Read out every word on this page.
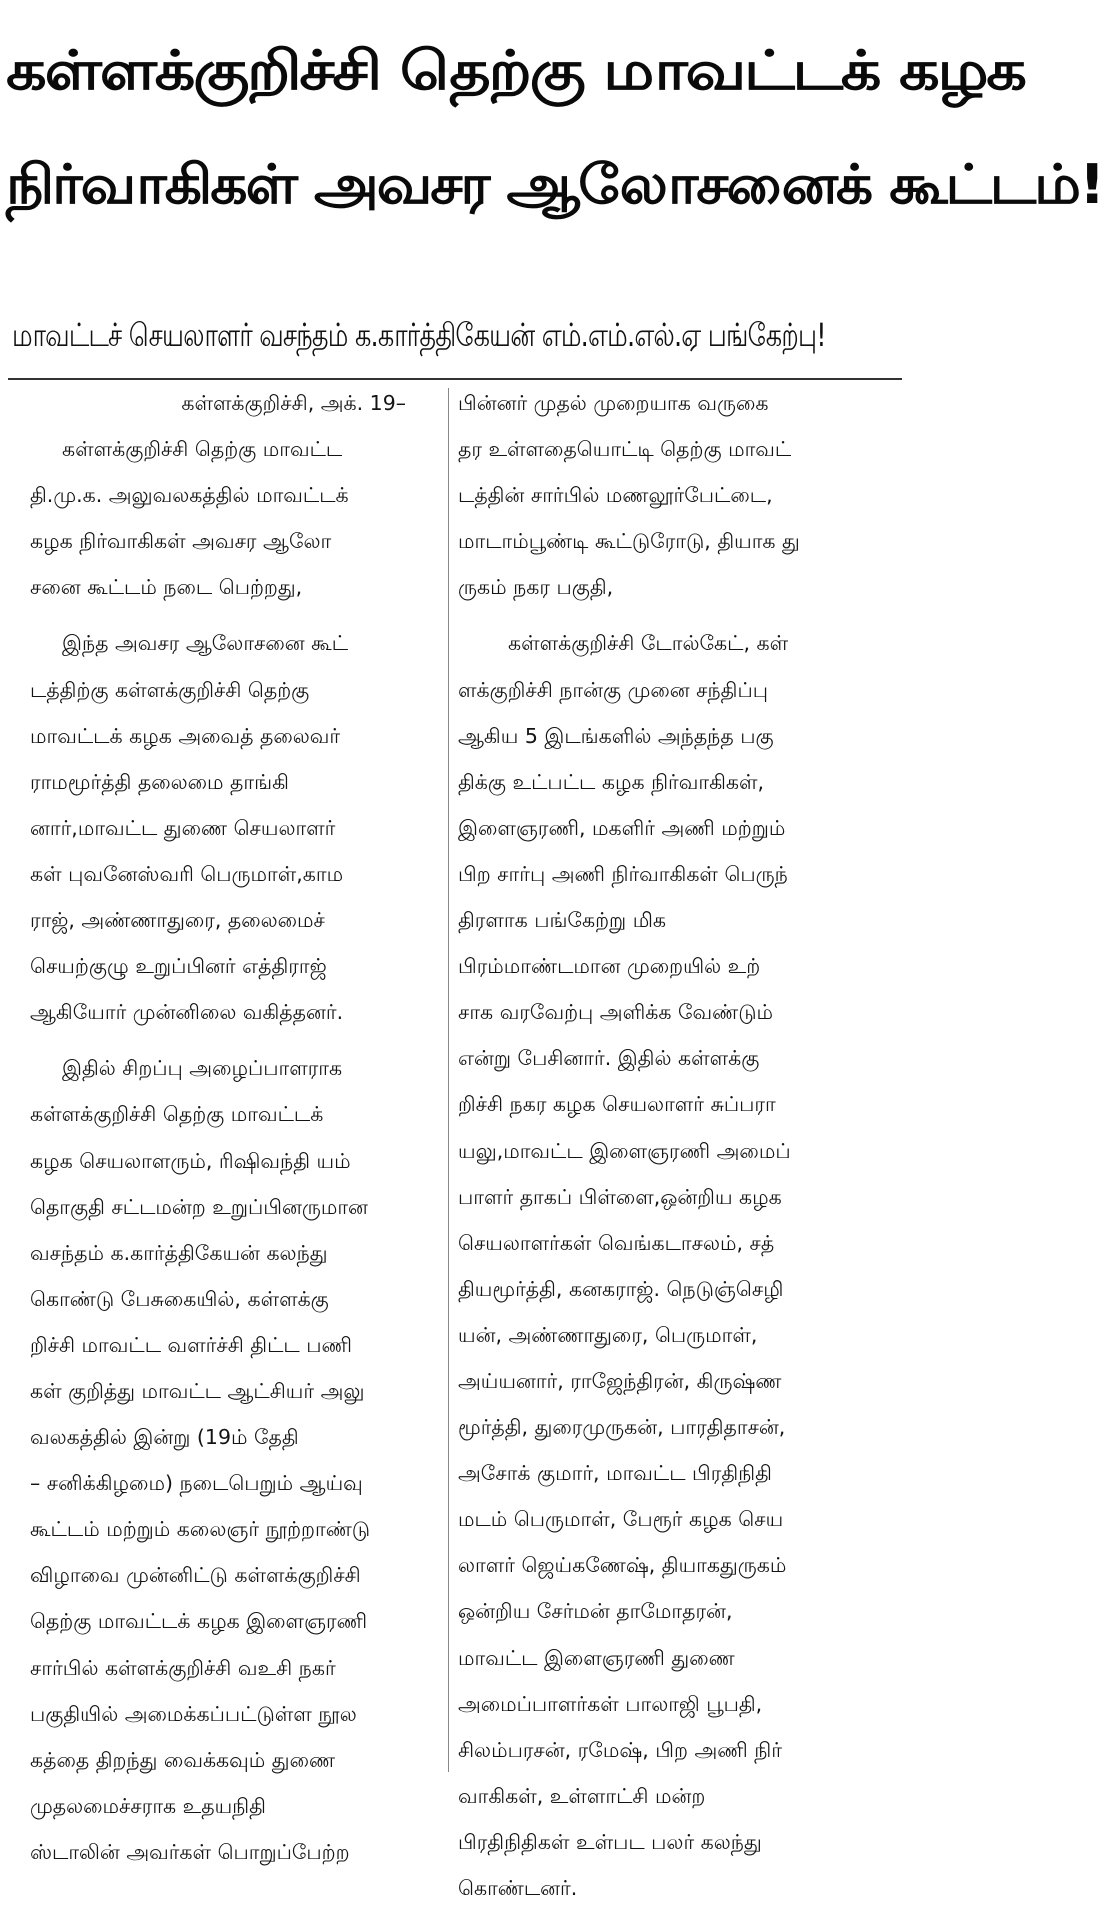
கள்ளக்குறிச்சி தெற்கு மாவட்டக் கழக
நிர்வாகிகள் அவசர ஆலோசனைக் கூட்டம்!
மாவட்டச் செயலாளர் வசந்தம் க.கார்த்திகேயன் எம்.எம்.எல்.ஏ பங்கேற்பு!
கள்ளக்குறிச்சி, அக். 19–
கள்ளக்குறிச்சி தெற்கு மாவட்ட
தி.மு.க. அலுவலகத்தில் மாவட்டக்
கழக நிர்வாகிகள் அவசர ஆலோ
சனை கூட்டம் நடை பெற்றது,
இந்த அவசர ஆலோசனை கூட்
டத்திற்கு கள்ளக்குறிச்சி தெற்கு
மாவட்டக் கழக அவைத் தலைவர்
ராமமூர்த்தி தலைமை தாங்கி
னார்,மாவட்ட துணை செயலாளர்
கள் புவனேஸ்வரி பெருமாள்,காம
ராஜ், அண்ணாதுரை, தலைமைச்
செயற்குழு உறுப்பினர் எத்திராஜ்
ஆகியோர் முன்னிலை வகித்தனர்.
இதில் சிறப்பு அழைப்பாளராக
கள்ளக்குறிச்சி தெற்கு மாவட்டக்
கழக செயலாளரும், ரிஷிவந்தி யம்
தொகுதி சட்டமன்ற உறுப்பினருமான
வசந்தம் க.கார்த்திகேயன் கலந்து
கொண்டு பேசுகையில், கள்ளக்கு
றிச்சி மாவட்ட வளர்ச்சி திட்ட பணி
கள் குறித்து மாவட்ட ஆட்சியர் அலு
வலகத்தில் இன்று (19ம் தேதி
– சனிக்கிழமை) நடைபெறும் ஆய்வு
கூட்டம் மற்றும் கலைஞர் நூற்றாண்டு
விழாவை முன்னிட்டு கள்ளக்குறிச்சி
தெற்கு மாவட்டக் கழக இளைஞரணி
சார்பில் கள்ளக்குறிச்சி வஉசி நகர்
பகுதியில் அமைக்கப்பட்டுள்ள நூல
கத்தை திறந்து வைக்கவும் துணை
முதலமைச்சராக உதயநிதி
ஸ்டாலின் அவர்கள் பொறுப்பேற்ற
பின்னர் முதல் முறையாக வருகை
தர உள்ளதையொட்டி தெற்கு மாவட்
டத்தின் சார்பில் மணலூர்பேட்டை,
மாடாம்பூண்டி கூட்டுரோடு, தியாக து
ருகம் நகர பகுதி,
கள்ளக்குறிச்சி டோல்கேட், கள்
ளக்குறிச்சி நான்கு முனை சந்திப்பு
ஆகிய 5 இடங்களில் அந்தந்த பகு
திக்கு உட்பட்ட கழக நிர்வாகிகள்,
இளைஞரணி, மகளிர் அணி மற்றும்
பிற சார்பு அணி நிர்வாகிகள் பெருந்
திரளாக பங்கேற்று மிக
பிரம்மாண்டமான முறையில் உற்
சாக வரவேற்பு அளிக்க வேண்டும்
என்று பேசினார். இதில் கள்ளக்கு
றிச்சி நகர கழக செயலாளர் சுப்பரா
யலு,மாவட்ட இளைஞரணி அமைப்
பாளர் தாகப் பிள்ளை,ஒன்றிய கழக
செயலாளர்கள் வெங்கடாசலம், சத்
தியமூர்த்தி, கனகராஜ். நெடுஞ்செழி
யன், அண்ணாதுரை, பெருமாள்,
அய்யனார், ராஜேந்திரன், கிருஷ்ண
மூர்த்தி, துரைமுருகன், பாரதிதாசன்,
அசோக் குமார், மாவட்ட பிரதிநிதி
மடம் பெருமாள், பேரூர் கழக செய
லாளர் ஜெய்கணேஷ், தியாகதுருகம்
ஒன்றிய சேர்மன் தாமோதரன்,
மாவட்ட இளைஞரணி துணை
அமைப்பாளர்கள் பாலாஜி பூபதி,
சிலம்பரசன், ரமேஷ், பிற அணி நிர்
வாகிகள், உள்ளாட்சி மன்ற
பிரதிநிதிகள் உள்பட பலர் கலந்து
கொண்டனர்.
